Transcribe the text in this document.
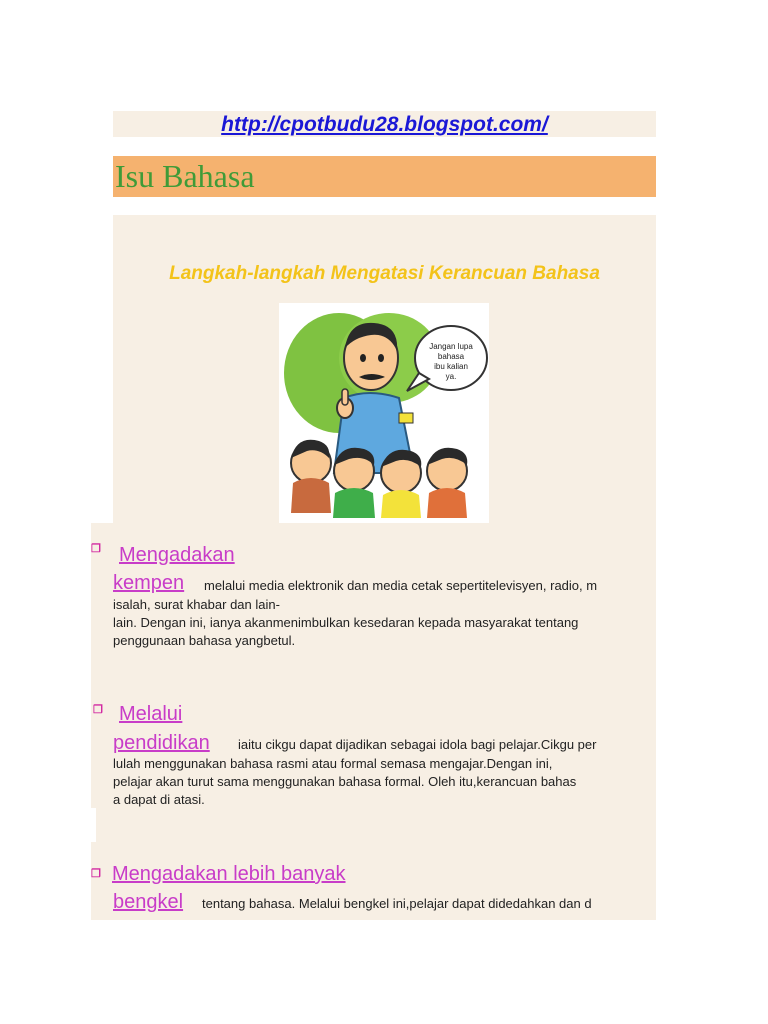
http://cpotbudu28.blogspot.com/
Isu Bahasa
Langkah-langkah Mengatasi Kerancuan Bahasa
Jangan lupa
bahasa
ibu kalian
ya.
❒ Mengadakan
kempen melalui media elektronik dan media cetak sepertitelevisyen, radio, m
isalah, surat khabar dan lain-
lain. Dengan ini, ianya akanmenimbulkan kesedaran kepada masyarakat tentang
penggunaan bahasa yangbetul.
❒ Melalui
pendidikan iaitu cikgu dapat dijadikan sebagai idola bagi pelajar.Cikgu per
lulah menggunakan bahasa rasmi atau formal semasa mengajar.Dengan ini,
pelajar akan turut sama menggunakan bahasa formal. Oleh itu,kerancuan bahas
a dapat di atasi.
❒ Mengadakan lebih banyak
bengkel tentang bahasa. Melalui bengkel ini,pelajar dapat didedahkan dan d
